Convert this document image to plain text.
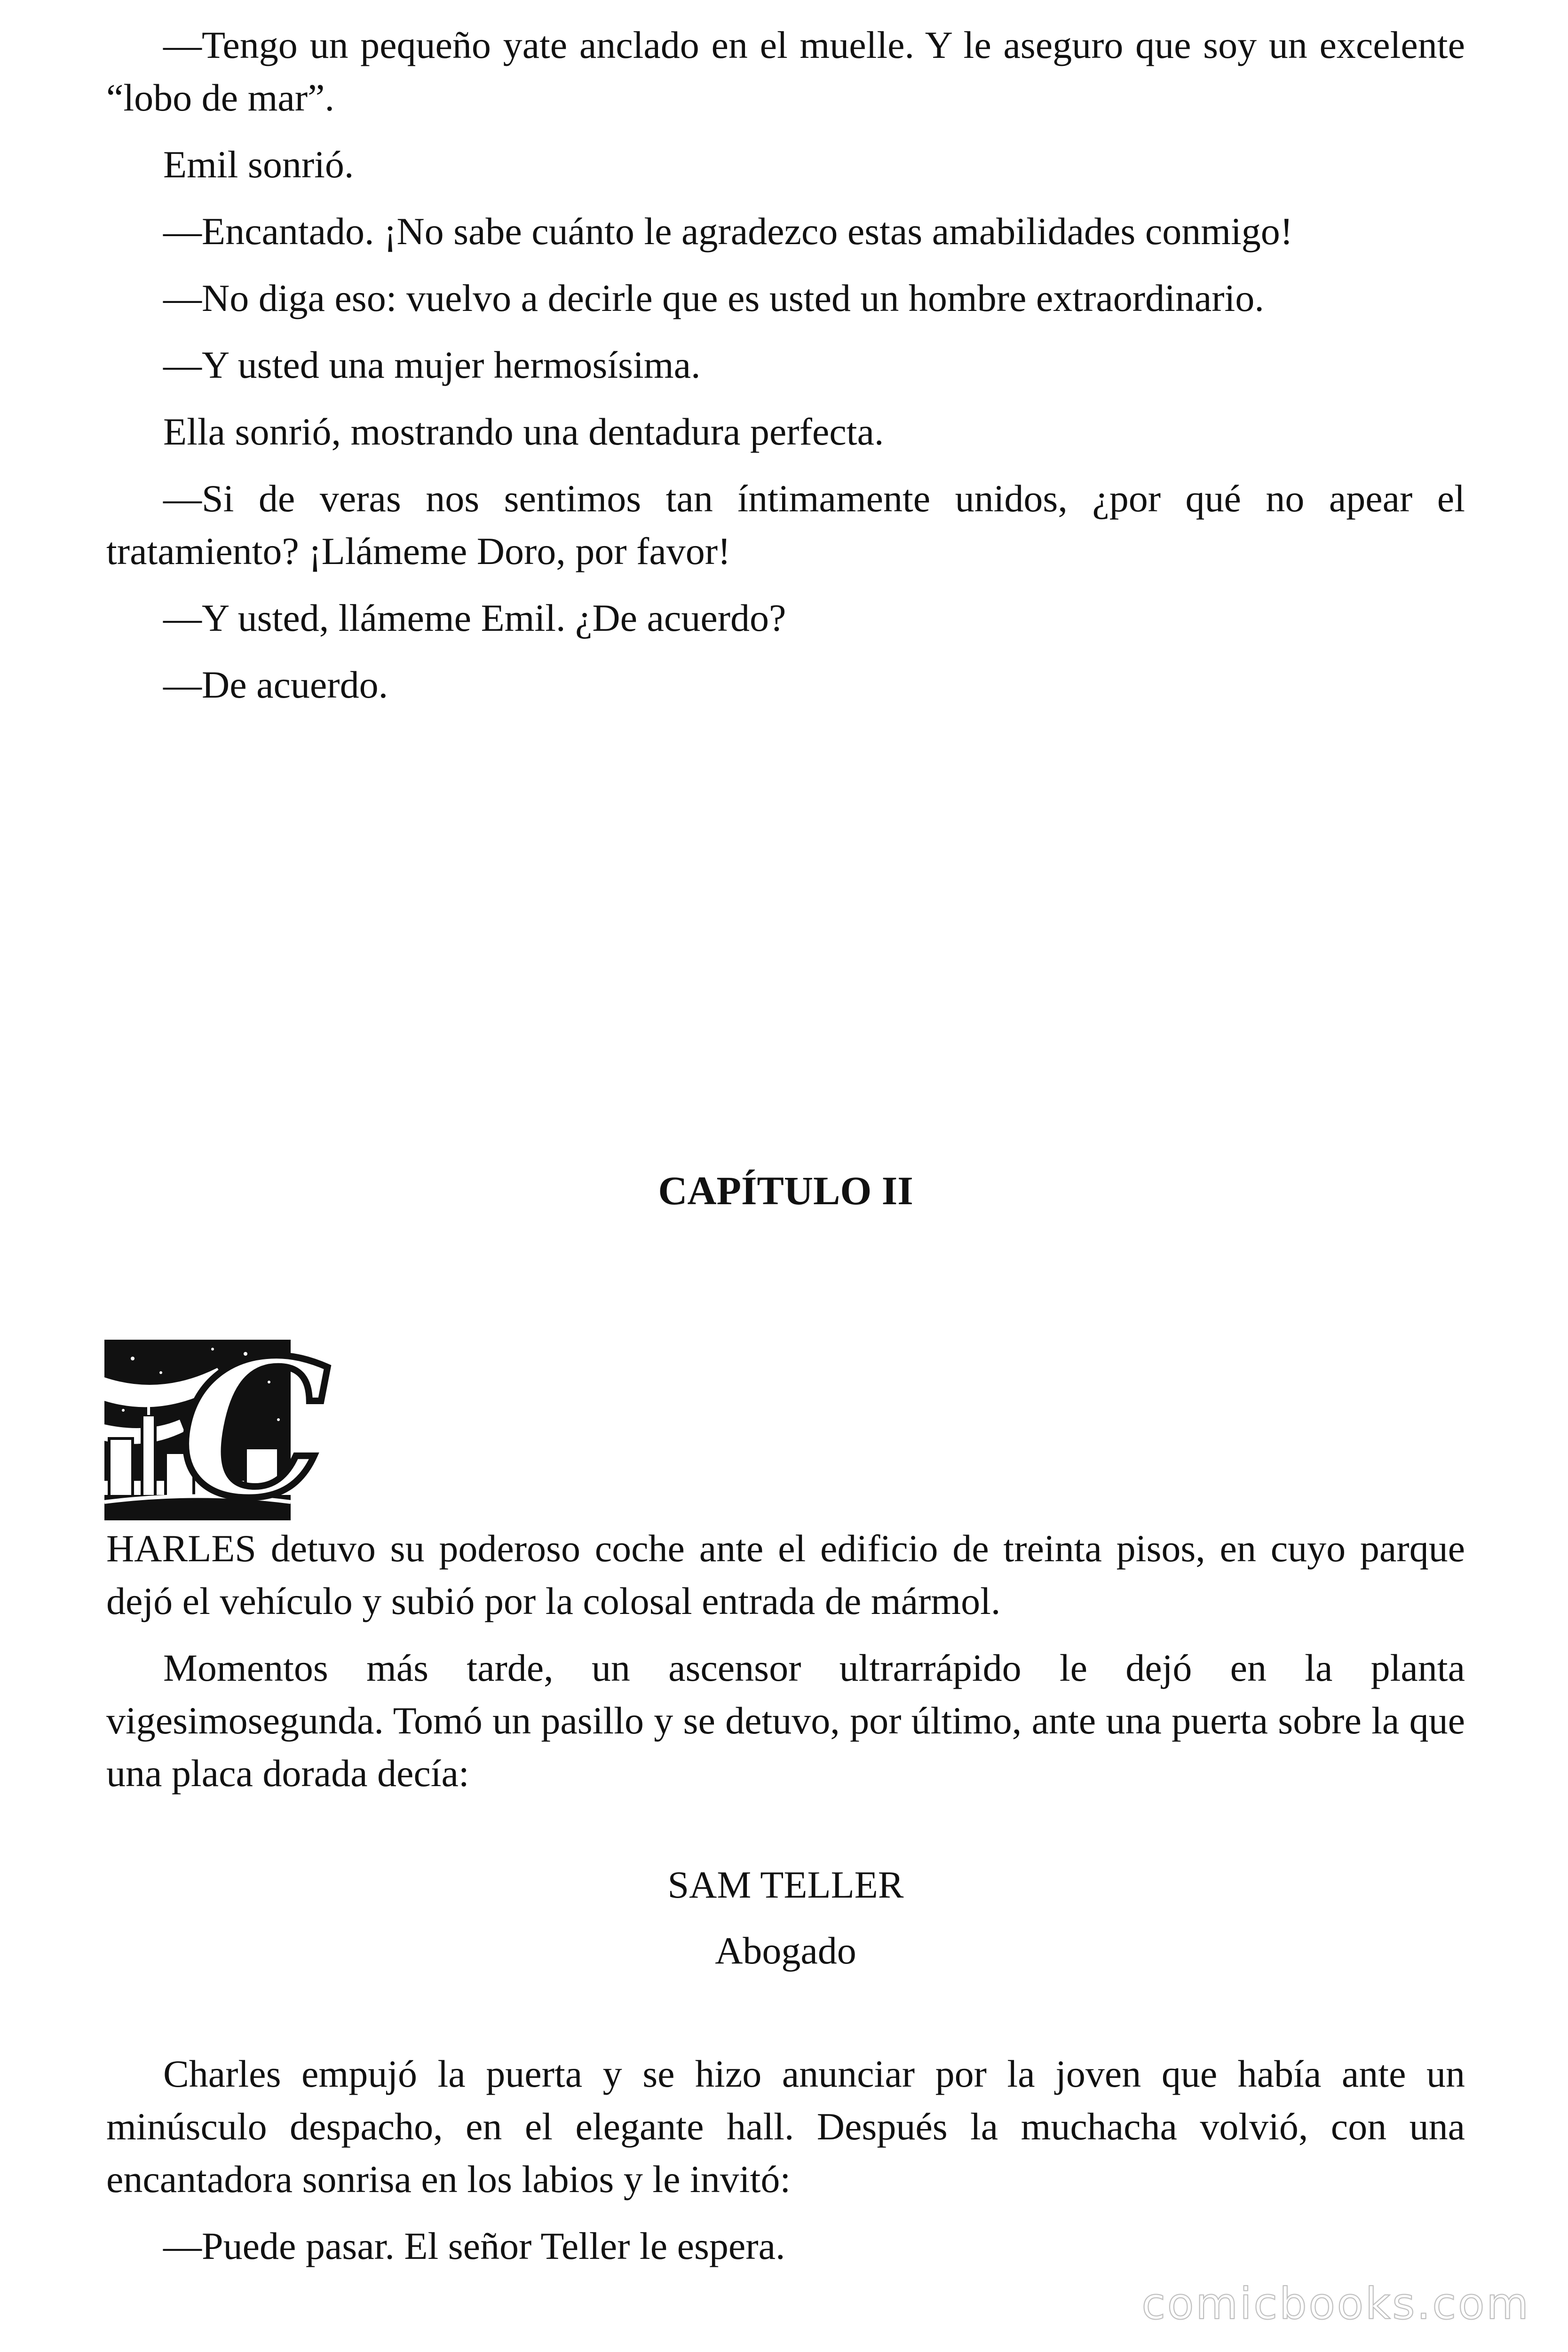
—Tengo un pequeño yate anclado en el muelle. Y le aseguro que soy un excelente “lobo de mar”.

Emil sonrió.

—Encantado. ¡No sabe cuánto le agradezco estas amabilidades conmigo!

—No diga eso: vuelvo a decirle que es usted un hombre extraordinario.

—Y usted una mujer hermosísima.

Ella sonrió, mostrando una dentadura perfecta.

—Si de veras nos sentimos tan íntimamente unidos, ¿por qué no apear el tratamiento? ¡Llámeme Doro, por favor!

—Y usted, llámeme Emil. ¿De acuerdo?

—De acuerdo.

CAPÍTULO II
C

HARLES detuvo su poderoso coche ante el edificio de treinta pisos, en cuyo parque dejó el vehículo y subió por la colosal entrada de mármol.

Momentos más tarde, un ascensor ultrarrápido le dejó en la planta vigesimosegunda. Tomó un pasillo y se detuvo, por último, ante una puerta sobre la que una placa dorada decía:

SAM TELLER

Abogado

Charles empujó la puerta y se hizo anunciar por la joven que había ante un minúsculo despacho, en el elegante hall. Después la muchacha volvió, con una encantadora sonrisa en los labios y le invitó:

—Puede pasar. El señor Teller le espera.

comicbooks.com
